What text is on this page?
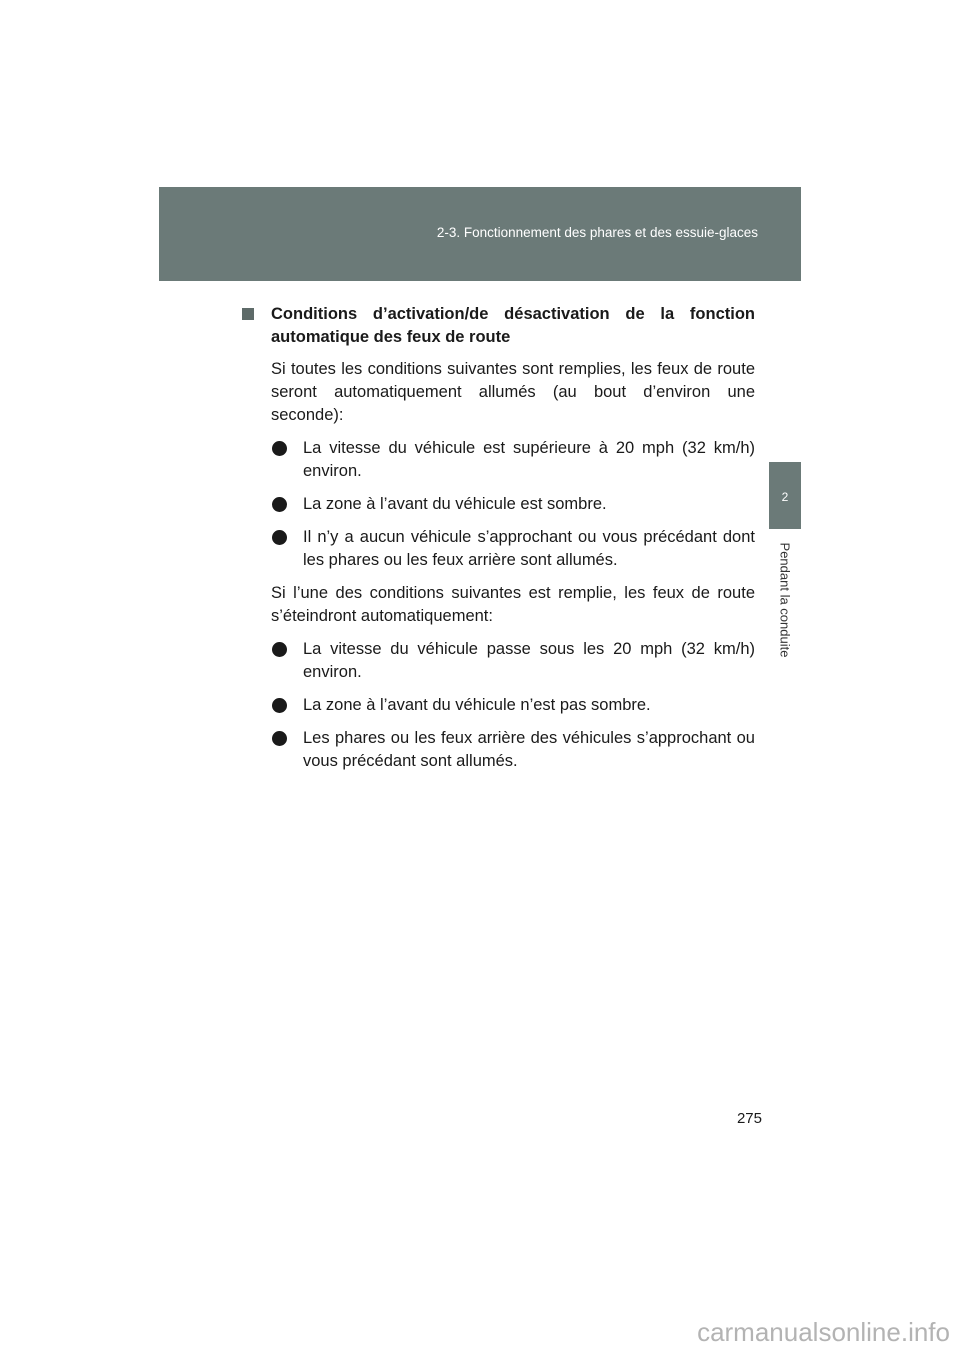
2-3. Fonctionnement des phares et des essuie-glaces
2
Pendant la conduite

Conditions d’activation/de désactivation de la fonction automatique des feux de route

Si toutes les conditions suivantes sont remplies, les feux de route seront automatiquement allumés (au bout d’environ une seconde):

La vitesse du véhicule est supérieure à 20 mph (32 km/h) environ.

La zone à l’avant du véhicule est sombre.

Il n’y a aucun véhicule s’approchant ou vous précédant dont les phares ou les feux arrière sont allumés.

Si l’une des conditions suivantes est remplie, les feux de route s’éteindront automatiquement:

La vitesse du véhicule passe sous les 20 mph (32 km/h) environ.

La zone à l’avant du véhicule n’est pas sombre.

Les phares ou les feux arrière des véhicules s’approchant ou vous précédant sont allumés.

275
carmanualsonline.info
